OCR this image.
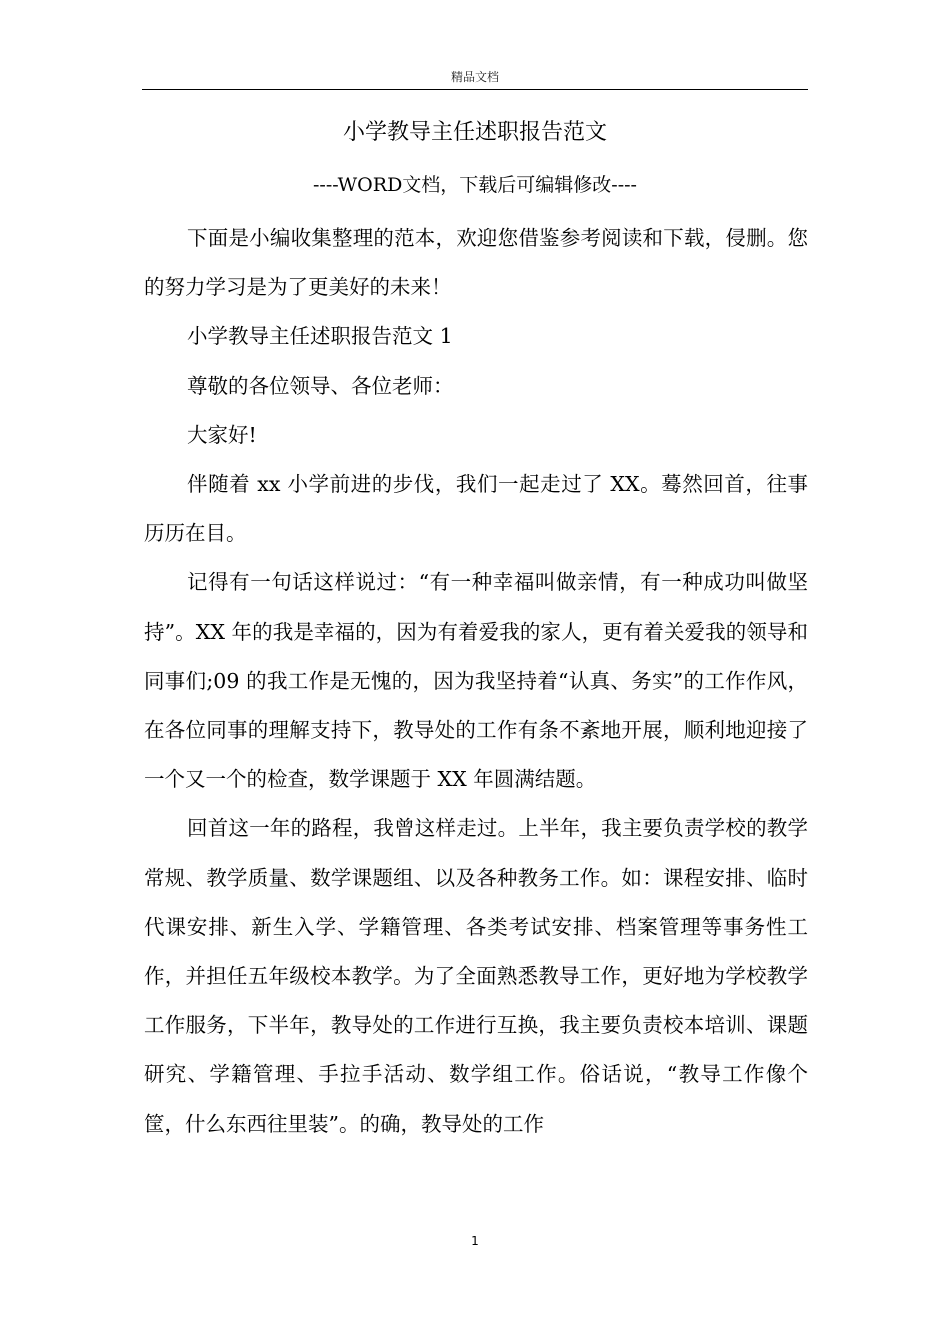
精品文档
小学教导主任述职报告范文
----WORD文档，下载后可编辑修改----

下面是小编收集整理的范本，欢迎您借鉴参考阅读和下载，侵删。您的努力学习是为了更美好的未来！

小学教导主任述职报告范文 1

尊敬的各位领导、各位老师：

大家好!

伴随着 xx 小学前进的步伐，我们一起走过了 XX。蓦然回首，往事历历在目。

记得有一句话这样说过：“有一种幸福叫做亲情，有一种成功叫做坚持”。XX 年的我是幸福的，因为有着爱我的家人，更有着关爱我的领导和同事们;09 的我工作是无愧的，因为我坚持着“认真、务实”的工作作风，在各位同事的理解支持下，教导处的工作有条不紊地开展，顺利地迎接了一个又一个的检查，数学课题于 XX 年圆满结题。

回首这一年的路程，我曾这样走过。上半年，我主要负责学校的教学常规、教学质量、数学课题组、以及各种教务工作。如：课程安排、临时代课安排、新生入学、学籍管理、各类考试安排、档案管理等事务性工作，并担任五年级校本教学。为了全面熟悉教导工作，更好地为学校教学工作服务，下半年，教导处的工作进行互换，我主要负责校本培训、课题研究、学籍管理、手拉手活动、数学组工作。俗话说，“教导工作像个筐，什么东西往里装”。的确，教导处的工作

1
